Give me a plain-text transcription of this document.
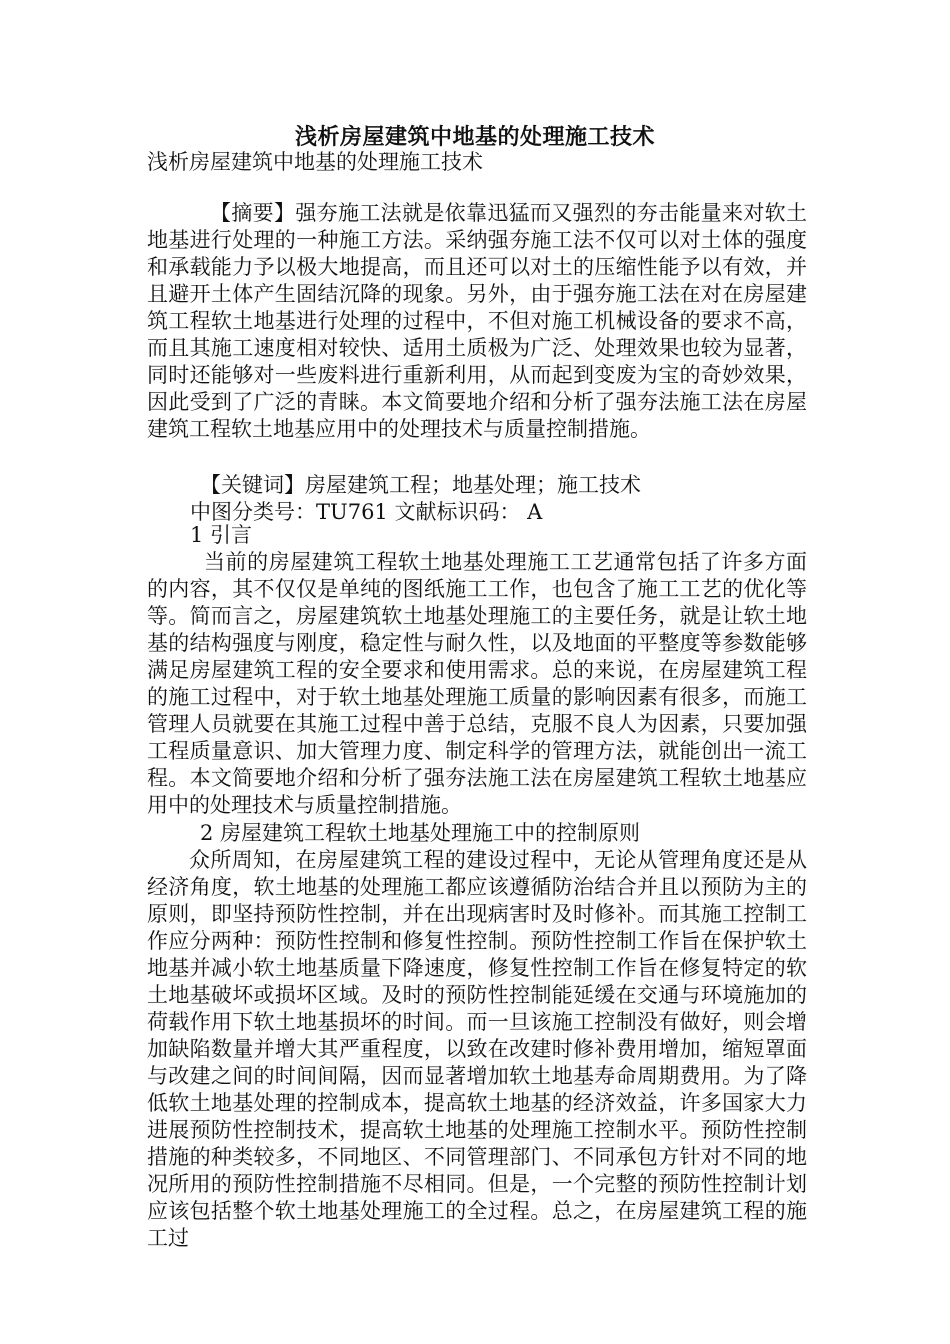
浅析房屋建筑中地基的处理施工技术
浅析房屋建筑中地基的处理施工技术
【摘要】强夯施工法就是依靠迅猛而又强烈的夯击能量来对软土地基进行处理的一种施工方法。采纳强夯施工法不仅可以对土体的强度和承载能力予以极大地提高，而且还可以对土的压缩性能予以有效，并且避开土体产生固结沉降的现象。另外，由于强夯施工法在对在房屋建筑工程软土地基进行处理的过程中，不但对施工机械设备的要求不高，而且其施工速度相对较快、适用土质极为广泛、处理效果也较为显著，同时还能够对一些废料进行重新利用，从而起到变废为宝的奇妙效果，因此受到了广泛的青睐。本文简要地介绍和分析了强夯法施工法在房屋建筑工程软土地基应用中的处理技术与质量控制措施。
【关键词】房屋建筑工程；地基处理；施工技术
中图分类号：TU761 文献标识码： A
1 引言
当前的房屋建筑工程软土地基处理施工工艺通常包括了许多方面的内容，其不仅仅是单纯的图纸施工工作，也包含了施工工艺的优化等等。简而言之，房屋建筑软土地基处理施工的主要任务，就是让软土地基的结构强度与刚度，稳定性与耐久性，以及地面的平整度等参数能够满足房屋建筑工程的安全要求和使用需求。总的来说，在房屋建筑工程的施工过程中，对于软土地基处理施工质量的影响因素有很多，而施工管理人员就要在其施工过程中善于总结，克服不良人为因素，只要加强工程质量意识、加大管理力度、制定科学的管理方法，就能创出一流工程。本文简要地介绍和分析了强夯法施工法在房屋建筑工程软土地基应用中的处理技术与质量控制措施。
2 房屋建筑工程软土地基处理施工中的控制原则
众所周知，在房屋建筑工程的建设过程中，无论从管理角度还是从经济角度，软土地基的处理施工都应该遵循防治结合并且以预防为主的原则，即坚持预防性控制，并在出现病害时及时修补。而其施工控制工作应分两种：预防性控制和修复性控制。预防性控制工作旨在保护软土地基并减小软土地基质量下降速度，修复性控制工作旨在修复特定的软土地基破坏或损坏区域。及时的预防性控制能延缓在交通与环境施加的荷载作用下软土地基损坏的时间。而一旦该施工控制没有做好，则会增加缺陷数量并增大其严重程度，以致在改建时修补费用增加，缩短罩面与改建之间的时间间隔，因而显著增加软土地基寿命周期费用。为了降低软土地基处理的控制成本，提高软土地基的经济效益，许多国家大力进展预防性控制技术，提高软土地基的处理施工控制水平。预防性控制措施的种类较多，不同地区、不同管理部门、不同承包方针对不同的地况所用的预防性控制措施不尽相同。但是，一个完整的预防性控制计划应该包括整个软土地基处理施工的全过程。总之，在房屋建筑工程的施工过
